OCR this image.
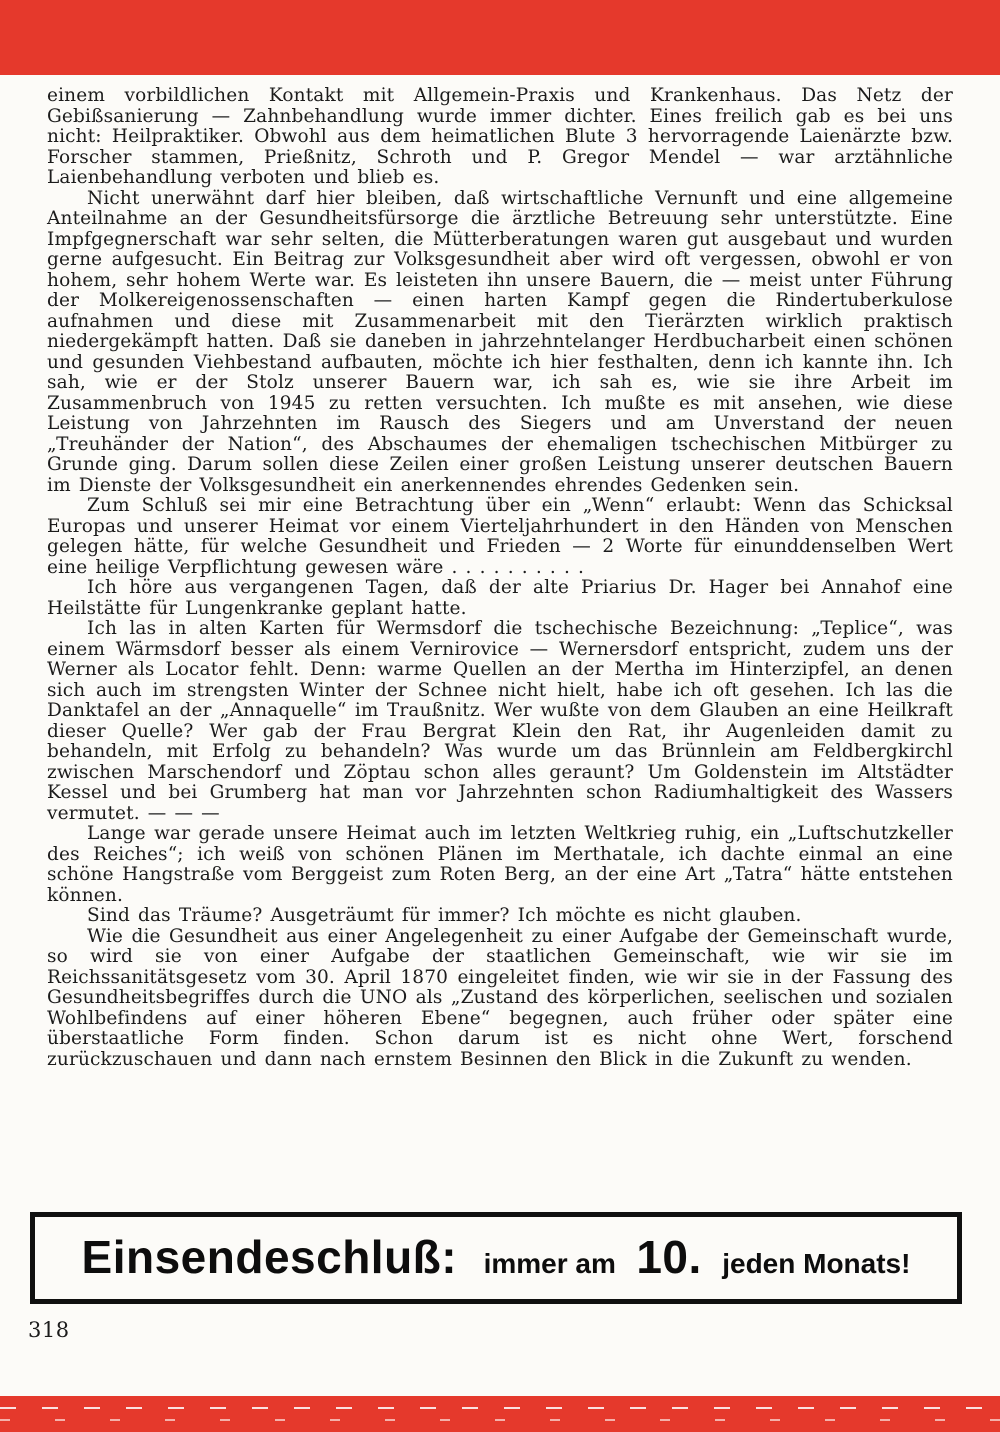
einem vorbildlichen Kontakt mit Allgemein-Praxis und Krankenhaus. Das Netz der Gebißsanierung — Zahnbehandlung wurde immer dichter. Eines freilich gab es bei uns nicht: Heilpraktiker. Obwohl aus dem heimatlichen Blute 3 hervorragende Laienärzte bzw. Forscher stammen, Prießnitz, Schroth und P. Gregor Mendel — war arztähnliche Laienbehandlung verboten und blieb es.

Nicht unerwähnt darf hier bleiben, daß wirtschaftliche Vernunft und eine allgemeine Anteilnahme an der Gesundheitsfürsorge die ärztliche Betreuung sehr unterstützte. Eine Impfgegnerschaft war sehr selten, die Mütterberatungen waren gut ausgebaut und wurden gerne aufgesucht. Ein Beitrag zur Volksgesundheit aber wird oft vergessen, obwohl er von hohem, sehr hohem Werte war. Es leisteten ihn unsere Bauern, die — meist unter Führung der Molkereigenossenschaften — einen harten Kampf gegen die Rindertuberkulose aufnahmen und diese mit Zusammenarbeit mit den Tierärzten wirklich praktisch niedergekämpft hatten. Daß sie daneben in jahrzehntelanger Herdbucharbeit einen schönen und gesunden Viehbestand aufbauten, möchte ich hier festhalten, denn ich kannte ihn. Ich sah, wie er der Stolz unserer Bauern war, ich sah es, wie sie ihre Arbeit im Zusammenbruch von 1945 zu retten versuchten. Ich mußte es mit ansehen, wie diese Leistung von Jahrzehnten im Rausch des Siegers und am Unverstand der neuen „Treuhänder der Nation“, des Abschaumes der ehemaligen tschechischen Mitbürger zu Grunde ging. Darum sollen diese Zeilen einer großen Leistung unserer deutschen Bauern im Dienste der Volksgesundheit ein anerkennendes ehrendes Gedenken sein.

Zum Schluß sei mir eine Betrachtung über ein „Wenn“ erlaubt: Wenn das Schicksal Europas und unserer Heimat vor einem Vierteljahrhundert in den Händen von Menschen gelegen hätte, für welche Gesundheit und Frieden — 2 Worte für einunddenselben Wert eine heilige Verpflichtung gewesen wäre . . . . . . . . . .

Ich höre aus vergangenen Tagen, daß der alte Priarius Dr. Hager bei Annahof eine Heilstätte für Lungenkranke geplant hatte.

Ich las in alten Karten für Wermsdorf die tschechische Bezeichnung: „Teplice“, was einem Wärmsdorf besser als einem Vernirovice — Wernersdorf entspricht, zudem uns der Werner als Locator fehlt. Denn: warme Quellen an der Mertha im Hinterzipfel, an denen sich auch im strengsten Winter der Schnee nicht hielt, habe ich oft gesehen. Ich las die Danktafel an der „Annaquelle“ im Traußnitz. Wer wußte von dem Glauben an eine Heilkraft dieser Quelle? Wer gab der Frau Bergrat Klein den Rat, ihr Augenleiden damit zu behandeln, mit Erfolg zu behandeln? Was wurde um das Brünnlein am Feldbergkirchl zwischen Marschendorf und Zöptau schon alles geraunt? Um Goldenstein im Altstädter Kessel und bei Grumberg hat man vor Jahrzehnten schon Radiumhaltigkeit des Wassers vermutet. — — —

Lange war gerade unsere Heimat auch im letzten Weltkrieg ruhig, ein „Luftschutzkeller des Reiches“; ich weiß von schönen Plänen im Merthatale, ich dachte einmal an eine schöne Hangstraße vom Berggeist zum Roten Berg, an der eine Art „Tatra“ hätte entstehen können.

Sind das Träume? Ausgeträumt für immer? Ich möchte es nicht glauben.

Wie die Gesundheit aus einer Angelegenheit zu einer Aufgabe der Gemeinschaft wurde, so wird sie von einer Aufgabe der staatlichen Gemeinschaft, wie wir sie im Reichssanitätsgesetz vom 30. April 1870 eingeleitet finden, wie wir sie in der Fassung des Gesundheitsbegriffes durch die UNO als „Zustand des körperlichen, seelischen und sozialen Wohlbefindens auf einer höheren Ebene“ begegnen, auch früher oder später eine überstaatliche Form finden. Schon darum ist es nicht ohne Wert, forschend zurückzuschauen und dann nach ernstem Besinnen den Blick in die Zukunft zu wenden.

Einsendeschluß: immer am 10. jeden Monats!
318
